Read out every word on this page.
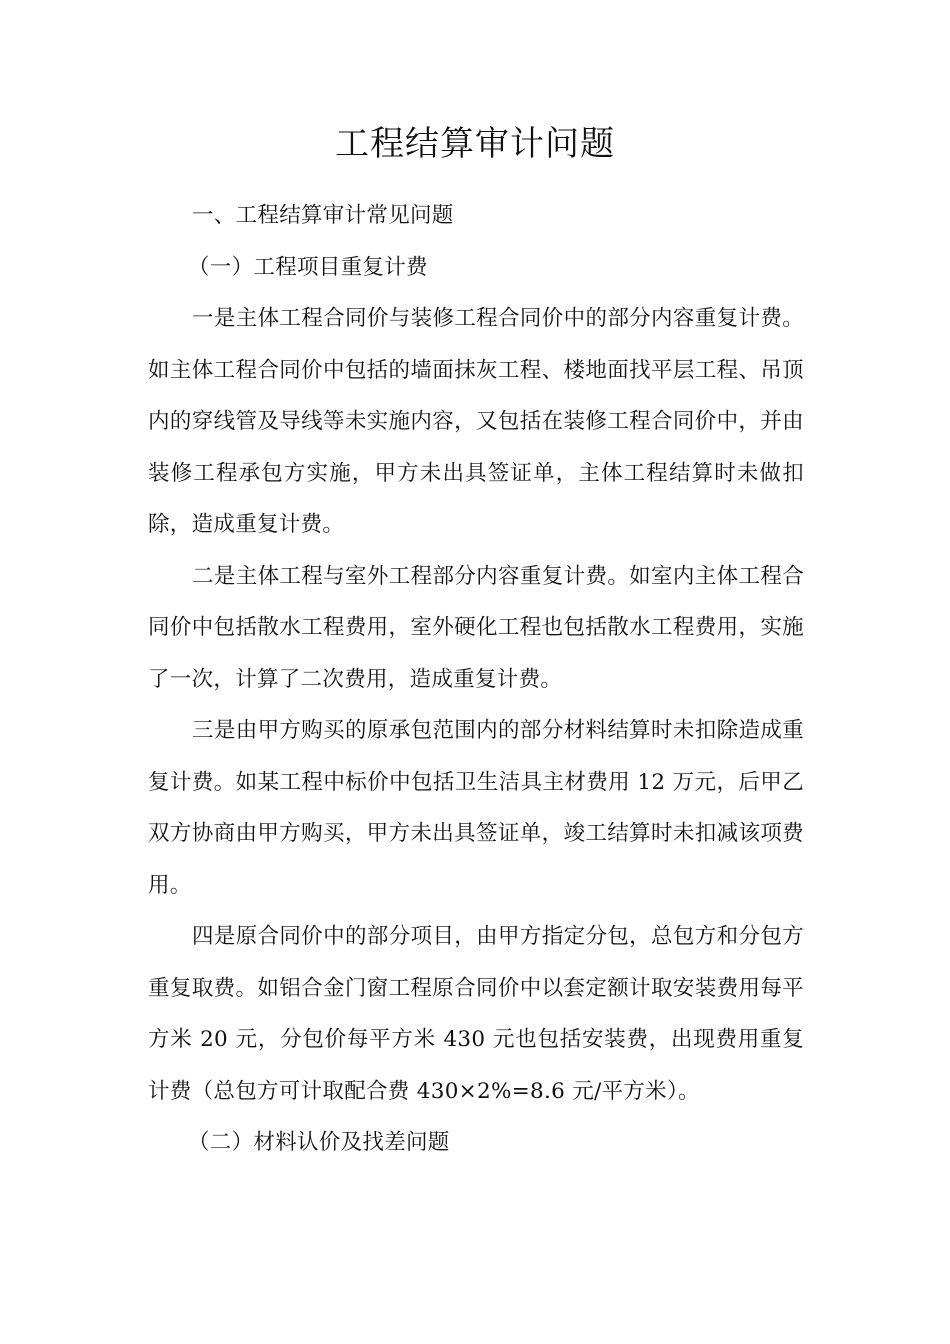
工程结算审计问题

一、工程结算审计常见问题

（一）工程项目重复计费

一是主体工程合同价与装修工程合同价中的部分内容重复计费。如主体工程合同价中包括的墙面抹灰工程、楼地面找平层工程、吊顶内的穿线管及导线等未实施内容，又包括在装修工程合同价中，并由装修工程承包方实施，甲方未出具签证单，主体工程结算时未做扣除，造成重复计费。

二是主体工程与室外工程部分内容重复计费。如室内主体工程合同价中包括散水工程费用，室外硬化工程也包括散水工程费用，实施了一次，计算了二次费用，造成重复计费。

三是由甲方购买的原承包范围内的部分材料结算时未扣除造成重复计费。如某工程中标价中包括卫生洁具主材费用 12 万元，后甲乙双方协商由甲方购买，甲方未出具签证单，竣工结算时未扣减该项费用。

四是原合同价中的部分项目，由甲方指定分包，总包方和分包方重复取费。如铝合金门窗工程原合同价中以套定额计取安装费用每平方米 20 元，分包价每平方米 430 元也包括安装费，出现费用重复计费（总包方可计取配合费 430×2%=8.6 元/平方米）。

（二）材料认价及找差问题
